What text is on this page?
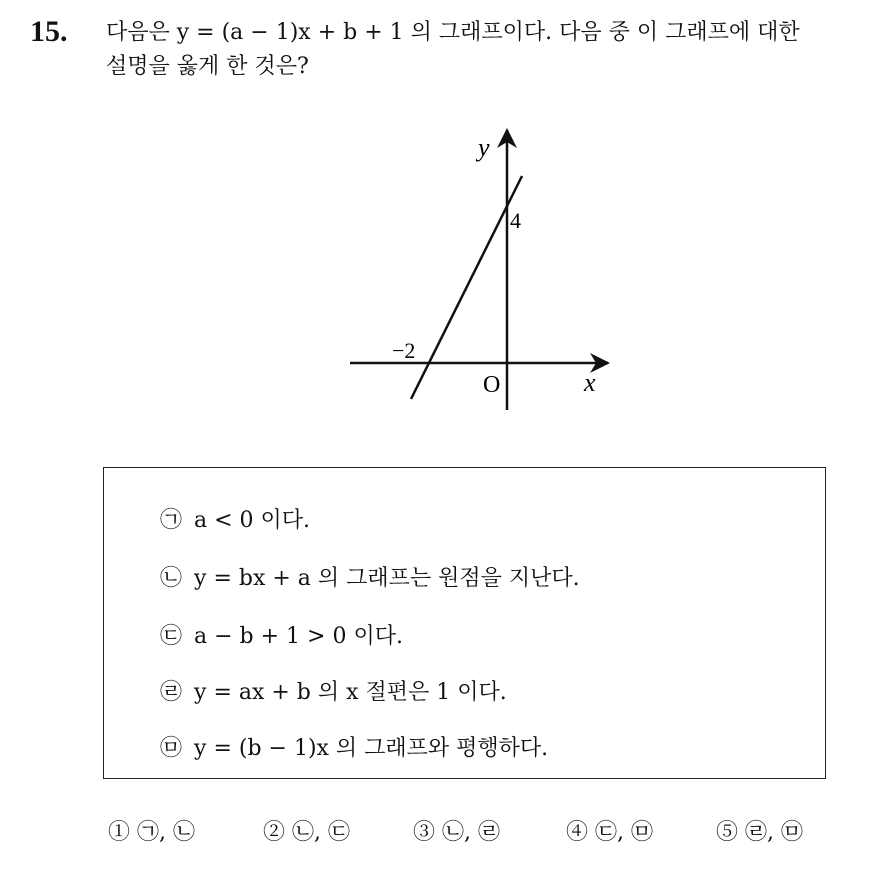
15. 다음은 y = (a − 1)x + b + 1 의 그래프이다. 다음 중 이 그래프에 대한
설명을 옳게 한 것은?
y
x
O
4
−2
㉠ a < 0 이다.
㉡ y = bx + a 의 그래프는 원점을 지난다.
㉢ a − b + 1 > 0 이다.
㉣ y = ax + b 의 x 절편은 1 이다.
㉤ y = (b − 1)x 의 그래프와 평행하다.
① ㉠, ㉡	② ㉡, ㉢	③ ㉡, ㉣	④ ㉢, ㉤	⑤ ㉣, ㉤
